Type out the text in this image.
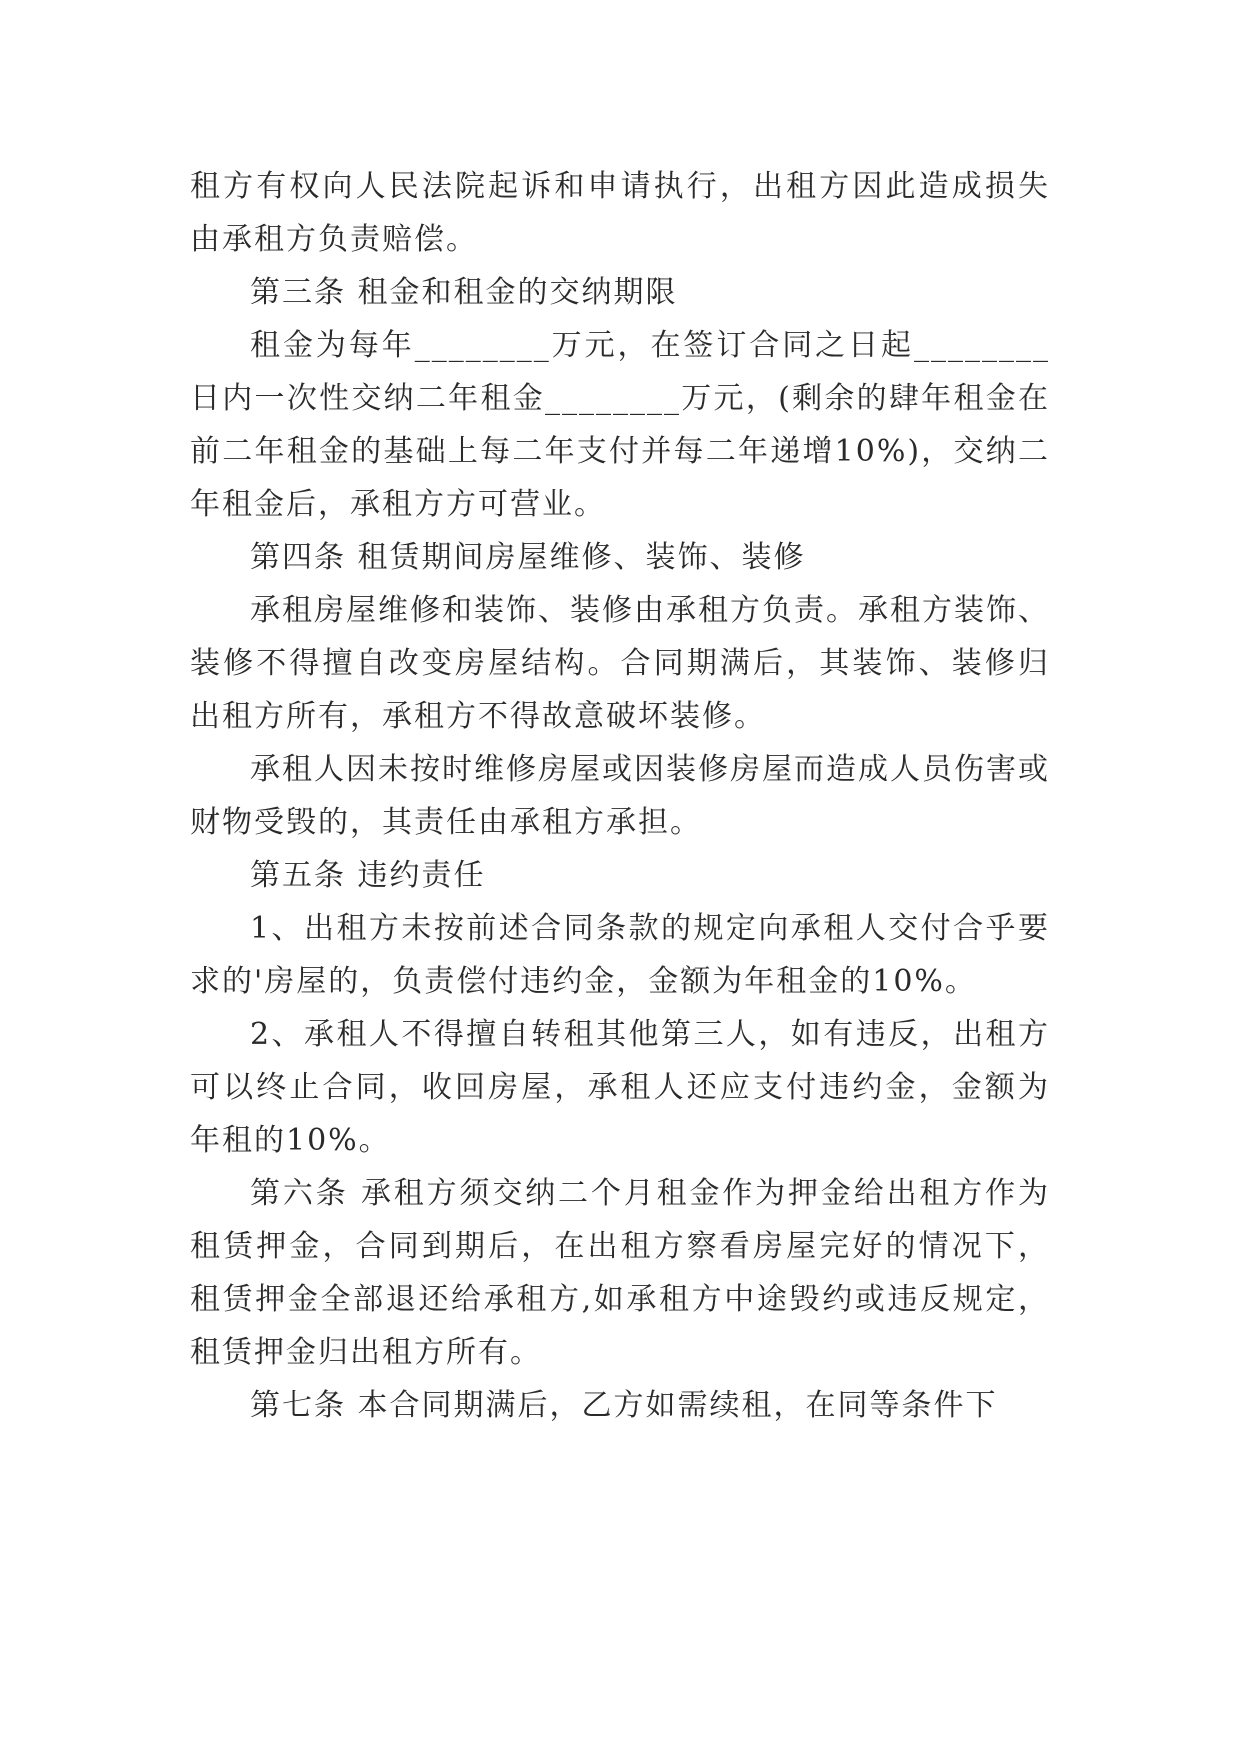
租方有权向人民法院起诉和申请执行，出租方因此造成损失由承租方负责赔偿。

第三条 租金和租金的交纳期限

租金为每年________万元，在签订合同之日起________日内一次性交纳二年租金________万元，(剩余的肆年租金在前二年租金的基础上每二年支付并每二年递增10%)，交纳二年租金后，承租方方可营业。

第四条 租赁期间房屋维修、装饰、装修

承租房屋维修和装饰、装修由承租方负责。承租方装饰、装修不得擅自改变房屋结构。合同期满后，其装饰、装修归出租方所有，承租方不得故意破坏装修。

承租人因未按时维修房屋或因装修房屋而造成人员伤害或财物受毁的，其责任由承租方承担。

第五条 违约责任

1、出租方未按前述合同条款的规定向承租人交付合乎要求的'房屋的，负责偿付违约金，金额为年租金的10%。

2、承租人不得擅自转租其他第三人，如有违反，出租方可以终止合同，收回房屋，承租人还应支付违约金，金额为年租的10%。

第六条 承租方须交纳二个月租金作为押金给出租方作为租赁押金，合同到期后，在出租方察看房屋完好的情况下，租赁押金全部退还给承租方,如承租方中途毁约或违反规定，租赁押金归出租方所有。

第七条 本合同期满后，乙方如需续租，在同等条件下
